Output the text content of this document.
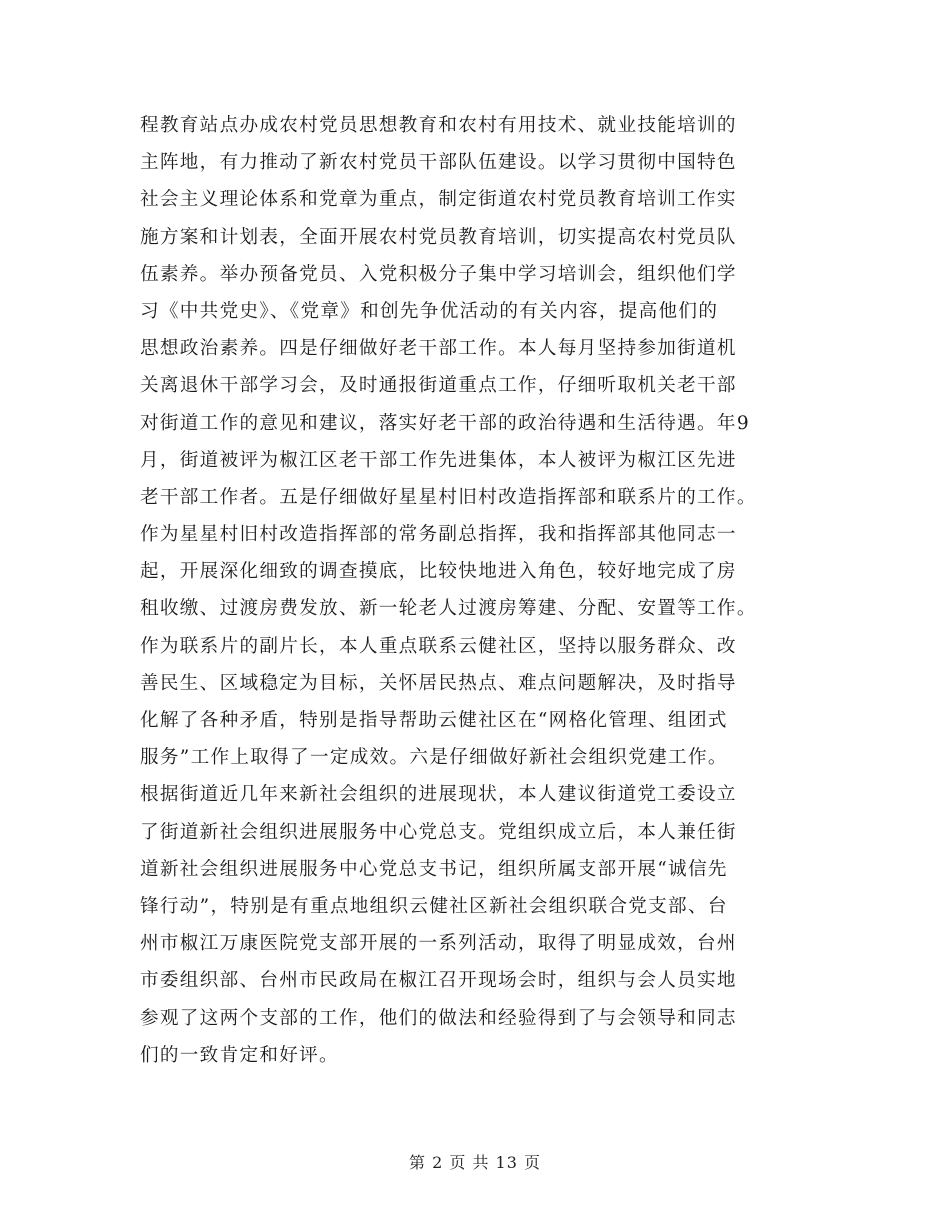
程教育站点办成农村党员思想教育和农村有用技术、就业技能培训的
主阵地，有力推动了新农村党员干部队伍建设。以学习贯彻中国特色
社会主义理论体系和党章为重点，制定街道农村党员教育培训工作实
施方案和计划表，全面开展农村党员教育培训，切实提高农村党员队
伍素养。举办预备党员、入党积极分子集中学习培训会，组织他们学
习《中共党史》、《党章》和创先争优活动的有关内容，提高他们的
思想政治素养。四是仔细做好老干部工作。本人每月坚持参加街道机
关离退休干部学习会，及时通报街道重点工作，仔细听取机关老干部
对街道工作的意见和建议，落实好老干部的政治待遇和生活待遇。年9
月，街道被评为椒江区老干部工作先进集体，本人被评为椒江区先进
老干部工作者。五是仔细做好星星村旧村改造指挥部和联系片的工作。
作为星星村旧村改造指挥部的常务副总指挥，我和指挥部其他同志一
起，开展深化细致的调查摸底，比较快地进入角色，较好地完成了房
租收缴、过渡房费发放、新一轮老人过渡房筹建、分配、安置等工作。
作为联系片的副片长，本人重点联系云健社区，坚持以服务群众、改
善民生、区域稳定为目标，关怀居民热点、难点问题解决，及时指导
化解了各种矛盾，特别是指导帮助云健社区在“网格化管理、组团式
服务”工作上取得了一定成效。六是仔细做好新社会组织党建工作。
根据街道近几年来新社会组织的进展现状，本人建议街道党工委设立
了街道新社会组织进展服务中心党总支。党组织成立后，本人兼任街
道新社会组织进展服务中心党总支书记，组织所属支部开展“诚信先
锋行动”，特别是有重点地组织云健社区新社会组织联合党支部、台
州市椒江万康医院党支部开展的一系列活动，取得了明显成效，台州
市委组织部、台州市民政局在椒江召开现场会时，组织与会人员实地
参观了这两个支部的工作，他们的做法和经验得到了与会领导和同志
们的一致肯定和好评。
第 2 页 共 13 页
